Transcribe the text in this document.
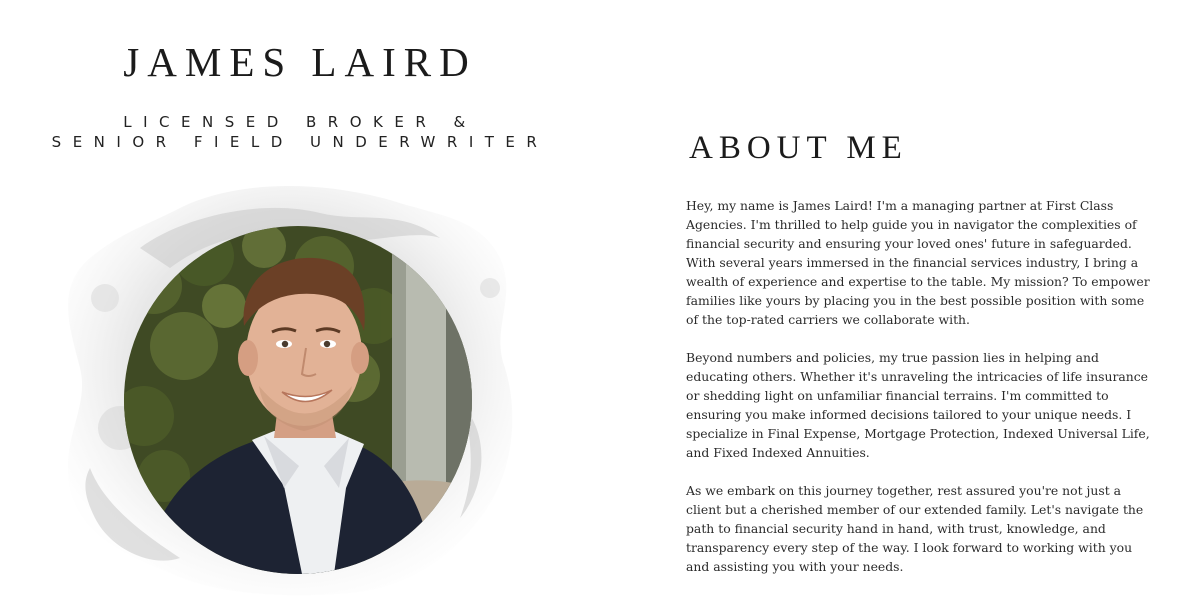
JAMES LAIRD
LICENSED BROKER &
SENIOR FIELD UNDERWRITER	ABOUT ME

Hey, my name is James Laird! I'm a managing partner at First Class Agencies. I'm thrilled to help guide you in navigator the complexities of financial security and ensuring your loved ones' future in safeguarded. With several years immersed in the financial services industry, I bring a wealth of experience and expertise to the table. My mission? To empower families like yours by placing you in the best possible position with some of the top-rated carriers we collaborate with.

Beyond numbers and policies, my true passion lies in helping and educating others. Whether it's unraveling the intricacies of life insurance or shedding light on unfamiliar financial terrains. I'm committed to ensuring you make informed decisions tailored to your unique needs. I specialize in Final Expense, Mortgage Protection, Indexed Universal Life, and Fixed Indexed Annuities.

As we embark on this journey together, rest assured you're not just a client but a cherished member of our extended family. Let's navigate the path to financial security hand in hand, with trust, knowledge, and transparency every step of the way. I look forward to working with you and assisting you with your needs.
